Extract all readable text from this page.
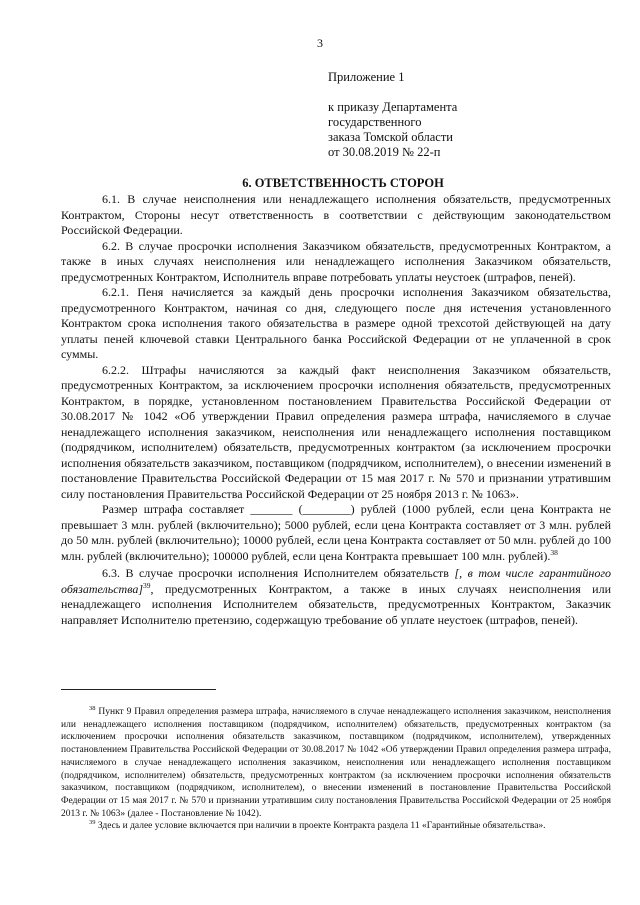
3
Приложение 1
к приказу Департамента
государственного
заказа Томской области
от 30.08.2019 № 22-п
6. ОТВЕТСТВЕННОСТЬ СТОРОН

6.1. В случае неисполнения или ненадлежащего исполнения обязательств, предусмотренных Контрактом, Стороны несут ответственность в соответствии с действующим законодательством Российской Федерации.

6.2. В случае просрочки исполнения Заказчиком обязательств, предусмотренных Контрактом, а также в иных случаях неисполнения или ненадлежащего исполнения Заказчиком обязательств, предусмотренных Контрактом, Исполнитель вправе потребовать уплаты неустоек (штрафов, пеней).

6.2.1. Пеня начисляется за каждый день просрочки исполнения Заказчиком обязательства, предусмотренного Контрактом, начиная со дня, следующего после дня истечения установленного Контрактом срока исполнения такого обязательства в размере одной трехсотой действующей на дату уплаты пеней ключевой ставки Центрального банка Российской Федерации от не уплаченной в срок суммы.

6.2.2. Штрафы начисляются за каждый факт неисполнения Заказчиком обязательств, предусмотренных Контрактом, за исключением просрочки исполнения обязательств, предусмотренных Контрактом, в порядке, установленном постановлением Правительства Российской Федерации от 30.08.2017 № 1042 «Об утверждении Правил определения размера штрафа, начисляемого в случае ненадлежащего исполнения заказчиком, неисполнения или ненадлежащего исполнения поставщиком (подрядчиком, исполнителем) обязательств, предусмотренных контрактом (за исключением просрочки исполнения обязательств заказчиком, поставщиком (подрядчиком, исполнителем), о внесении изменений в постановление Правительства Российской Федерации от 15 мая 2017 г. № 570 и признании утратившим силу постановления Правительства Российской Федерации от 25 ноября 2013 г. № 1063».

Размер штрафа составляет _______ (________) рублей (1000 рублей, если цена Контракта не превышает 3 млн. рублей (включительно); 5000 рублей, если цена Контракта составляет от 3 млн. рублей до 50 млн. рублей (включительно); 10000 рублей, если цена Контракта составляет от 50 млн. рублей до 100 млн. рублей (включительно); 100000 рублей, если цена Контракта превышает 100 млн. рублей).$^{38}$

6.3. В случае просрочки исполнения Исполнителем обязательств [, в том числе гарантийного обязательства]$^{39}$, предусмотренных Контрактом, а также в иных случаях неисполнения или ненадлежащего исполнения Исполнителем обязательств, предусмотренных Контрактом, Заказчик направляет Исполнителю претензию, содержащую требование об уплате неустоек (штрафов, пеней).

$^{38}$ Пункт 9 Правил определения размера штрафа, начисляемого в случае ненадлежащего исполнения заказчиком, неисполнения или ненадлежащего исполнения поставщиком (подрядчиком, исполнителем) обязательств, предусмотренных контрактом (за исключением просрочки исполнения обязательств заказчиком, поставщиком (подрядчиком, исполнителем), утвержденных постановлением Правительства Российской Федерации от 30.08.2017 № 1042 «Об утверждении Правил определения размера штрафа, начисляемого в случае ненадлежащего исполнения заказчиком, неисполнения или ненадлежащего исполнения поставщиком (подрядчиком, исполнителем) обязательств, предусмотренных контрактом (за исключением просрочки исполнения обязательств заказчиком, поставщиком (подрядчиком, исполнителем), о внесении изменений в постановление Правительства Российской Федерации от 15 мая 2017 г. № 570 и признании утратившим силу постановления Правительства Российской Федерации от 25 ноября 2013 г. № 1063» (далее - Постановление № 1042).

$^{39}$ Здесь и далее условие включается при наличии в проекте Контракта раздела 11 «Гарантийные обязательства».
